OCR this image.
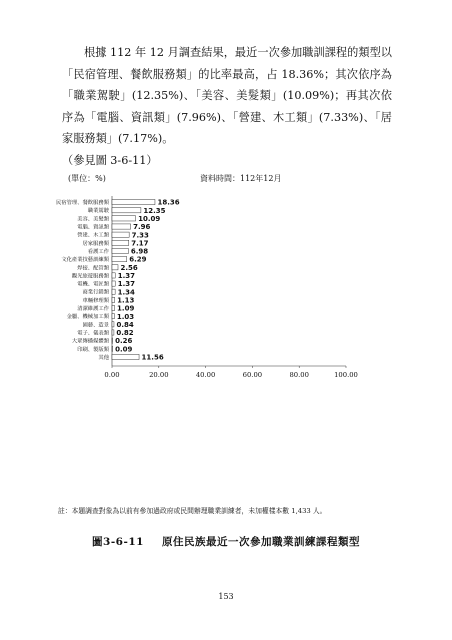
根據 112 年 12 月調查結果，最近一次參加職訓課程的類型以「民宿管理、餐飲服務類」的比率最高，占 18.36%；其次依序為「職業駕駛」(12.35%)、「美容、美髮類」(10.09%)；再其次依序為「電腦、資訊類」(7.96%)、「營建、木工類」(7.33%)、「居家服務類」(7.17%)。
（參見圖 3-6-11）

(單位：%)	資料時間：112年12月
民宿管理、餐飲服務類	18.36
職業駕駛	12.35
美容、美髮類	10.09
電腦、資訊類	7.96
營建、木工類	7.33
居家服務類	7.17
看護工作	6.98
文化產業技藝訓練類	6.29
焊接、配管類 2.56
觀光旅遊服務類 1.37
電機、電匠類 1.37
商業行銷類 1.34
車輛修理類 1.13
清潔維護工作 1.09
金屬、機械加工類 1.03
園藝、造景 0.84
電子、儀表類 0.82
大眾傳播媒體類 0.26
印刷、製版類 0.09
其他	11.56
0.00	20.00	40.00	60.00	80.00	100.00
註：本題調查對象為以前有參加過政府或民間辦理職業訓練者，未加權樣本數 1,433 人。
圖3-6-11 原住民族最近一次參加職業訓練課程類型
153
